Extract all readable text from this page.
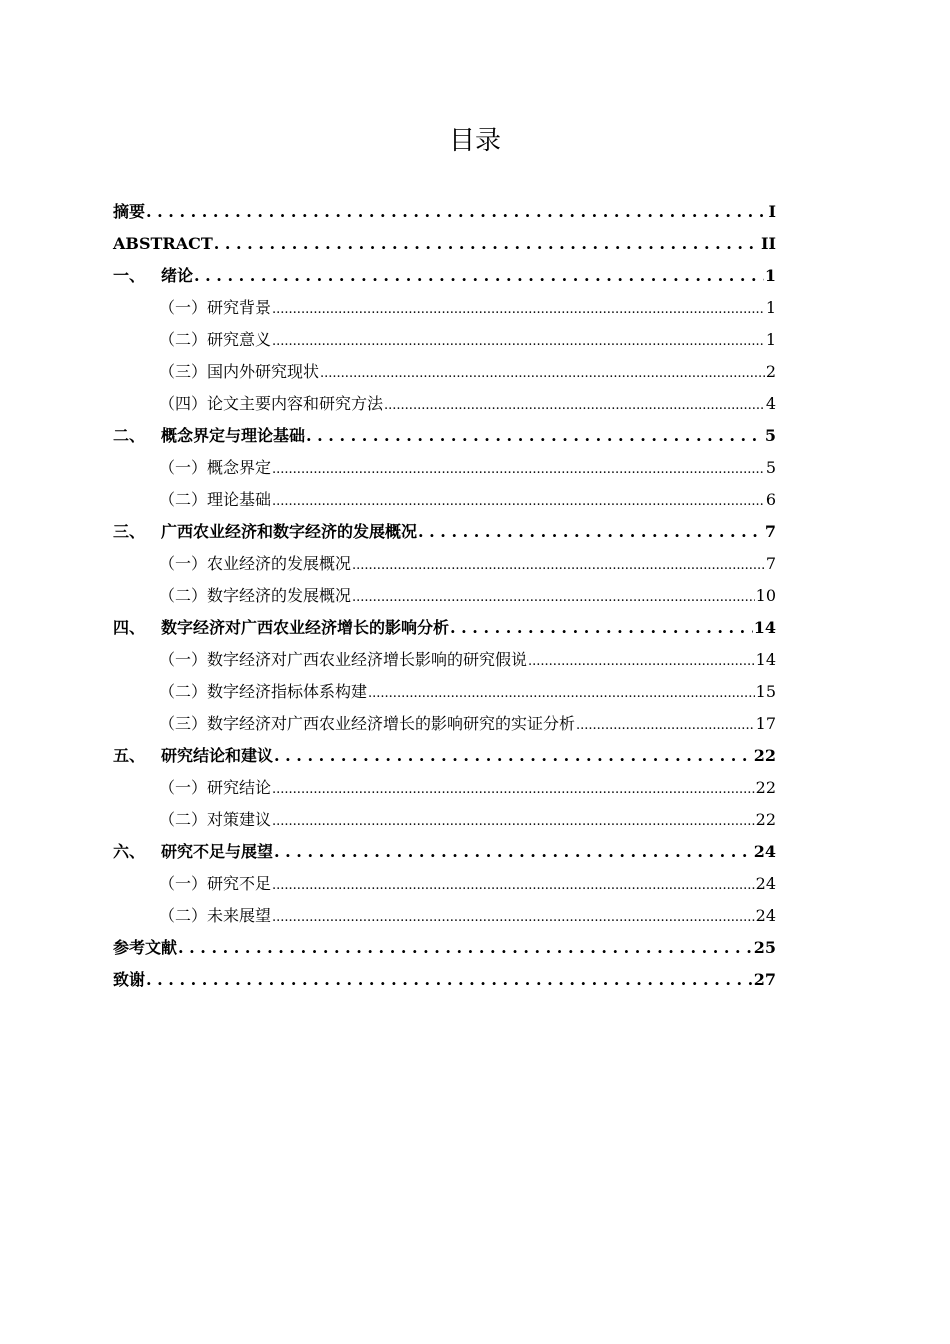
目录
摘要 . . .	I
ABSTRACT . . .	II
一、 绪论 . . .	1
（一）研究背景 .....	1
（二）研究意义 .....	1
（三）国内外研究现状 .....	2
（四）论文主要内容和研究方法 .....	4
二、 概念界定与理论基础 . . .	5
（一）概念界定 .....	5
（二）理论基础 .....	6
三、 广西农业经济和数字经济的发展概况 . . .	7
（一）农业经济的发展概况 .....	7
（二）数字经济的发展概况 .....	10
四、 数字经济对广西农业经济增长的影响分析 . . .	14
（一）数字经济对广西农业经济增长影响的研究假说 .....	14
（二）数字经济指标体系构建 .....	15
（三）数字经济对广西农业经济增长的影响研究的实证分析 .....	17
五、 研究结论和建议 . . .	22
（一）研究结论 .....	22
（二）对策建议 .....	22
六、 研究不足与展望 . . .	24
（一）研究不足 .....	24
（二）未来展望 .....	24
参考文献 . . .	25
致谢 . . .	27
